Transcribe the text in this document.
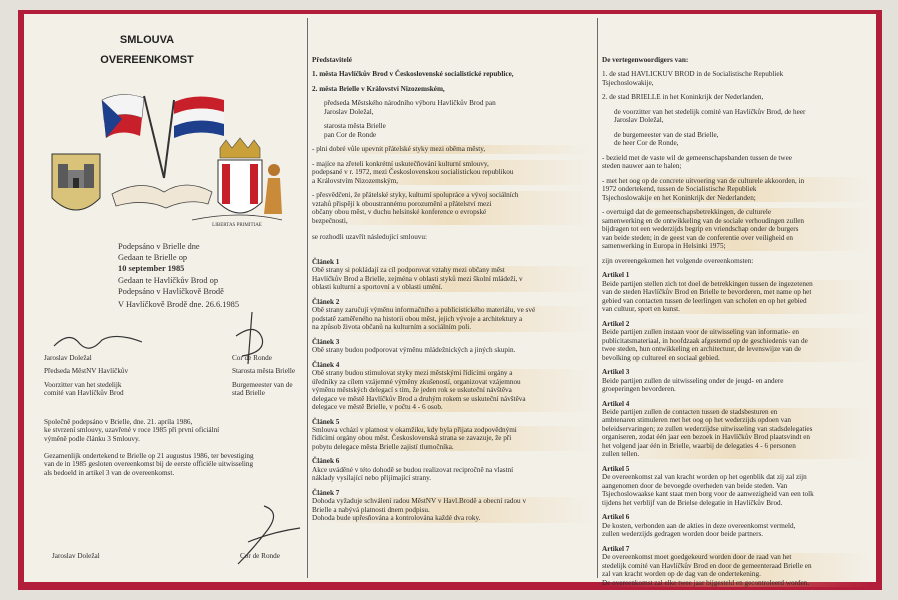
SMLOUVA
OVEREENKOMST
LIBERTAS PRIMITIAE
Podepsáno v Brielle dne
Gedaan te Brielle op
10 september 1985
Gedaan te Havlíčkův Brod op
Podepsáno v Havlíčkově Brodě
V Havlíčkově Brodě dne. 26.6.1985
Jaroslav Doležal
Předseda MěstNV Havlíčkův
Voorzitter van het stedelijk
comité van Havlíčkův Brod
Cor de Ronde
Starosta města Brielle
Burgemeester van de
stad Brielle
Společně podepsáno v Brielle, dne. 21. apríla 1986,
ke stvrzení smlouvy, uzavřené v roce 1985 při první oficiální
výměně podle článku 3 Smlouvy.
Gezamenlijk ondertekend te Brielle op 21 augustus 1986, ter bevestiging
van de in 1985 gesloten overeenkomst bij de eerste officiële uitwisseling
als bedoeld in artikel 3 van de overeenkomst.
Jaroslav Doležal	Cor de Ronde
Představitelé
1. města Havlíčkův Brod v Československé socialistické republice,
2. města Brielle v Království Nizozemském,
předseda Městského národního výboru Havlíčkův Brod pan
Jaroslav Doležal,
starosta města Brielle
pan Cor de Ronde
- plni dobré vůle upevnit přátelské styky mezi oběma městy,
- majíce na zřeteli konkrétní uskutečňování kulturní smlouvy,
podepsané v r. 1972, mezi Československou socialistickou republikou
a Královstvím Nizozemským,
- přesvědčeni, že přátelské styky, kulturní spolupráce a vývoj sociálních
vztahů přispějí k oboustrannému porozumění a přátelství mezi
občany obou měst, v duchu helsinské konference o evropské
bezpečnosti,
se rozhodli uzavřít následující smlouvu:
Článek 1
Obě strany si pokládají za cíl podporovat vztahy mezi občany měst
Havlíčkův Brod a Brielle, zejména v oblasti styků mezi školní mládeží, v
oblasti kulturní a sportovní a v oblasti umění.
Článek 2
Obě strany zaručují výměnu informačního a publicistického materiálu, ve své
podstatě zaměřeného na historii obou měst, jejich vývoje a architektury a
na způsob života občanů na kulturním a sociálním poli.
Článek 3
Obě strany budou podporovat výměnu mládežnických a jiných skupin.
Článek 4
Obě strany budou stimulovat styky mezi městskými řídícími orgány a
úředníky za cílem vzájemné výměny zkušeností, organizovat vzájemnou
výměnu městských delegací s tím, že jeden rok se uskuteční návštěva
delegace ve městě Havlíčkův Brod a druhým rokem se uskuteční návštěva
delegace ve městě Brielle, v počtu 4 - 6 osob.
Článek 5
Smlouva vchází v platnost v okamžiku, kdy byla přijata zodpovědnými
řídícími orgány obou měst. Československá strana se zavazuje, že při
pobytu delegace města Brielle zajistí tlumočníka.
Článek 6
Akce uváděné v této dohodě se budou realizovat recipročně na vlastní
náklady vysílající nebo přijímající strany.
Článek 7
Dohoda vyžaduje schválení radou MěstNV v Havl.Brodě a obecní radou v
Brielle a nabývá platnosti dnem podpisu.
Dohoda bude upřesňována a kontrolována každé dva roky.
De vertegenwoordigers van:
1. de stad HAVLICKUV BROD in de Socialistische Republiek
Tsjechoslowakije,
2. de stad BRIELLE in het Koninkrijk der Nederlanden,
de voorzitter van het stedelijk comité van Havlíčkův Brod, de heer
Jaroslav Doležal,
de burgemeester van de stad Brielle,
de heer Cor de Ronde,
- bezield met de vaste wil de gemeenschapsbanden tussen de twee
steden nauwer aan te halen;
- met het oog op de concrete uitvoering van de culturele akkoorden, in
1972 ondertekend, tussen de Socialistische Republiek
Tsjechoslowakije en het Koninkrijk der Nederlanden;
- overtuigd dat de gemeenschapsbetrekkingen, de culturele
samenwerking en de ontwikkeling van de sociale verhoudingen zullen
bijdragen tot een wederzijds begrip en vriendschap onder de burgers
van beide steden; in de geest van de conferentie over veiligheid en
samenwerking in Europa in Helsinki 1975;
zijn overeengekomen het volgende overeenkomsten:
Artikel 1
Beide partijen stellen zich tot doel de betrekkingen tussen de ingezetenen
van de steden Havlíčkův Brod en Brielle te bevorderen, met name op het
gebied van contacten tussen de leerlingen van scholen en op het gebied
van cultuur, sport en kunst.
Artikel 2
Beide partijen zullen instaan voor de uitwisseling van informatie- en
publicitatsmateriaal, in hoofdzaak afgestemd op de geschiedenis van de
twee steden, hun ontwikkeling en architectuur, de levenswijze van de
bevolking op cultureel en sociaal gebied.
Artikel 3
Beide partijen zullen de uitwisseling onder de jeugd- en andere
groeperingen bevorderen.
Artikel 4
Beide partijen zullen de contacten tussen de stadsbesturen en
ambtenaren stimuleren met het oog op het wederzijds opdoen van
beleidservaringen; ze zullen wederzijdse uitwisseling van stadsdelegaties
organiseren, zodat één jaar een bezoek in Havlíčkův Brod plaatsvindt en
het volgend jaar één in Brielle, waarbij de delegaties 4 - 6 personen
zullen tellen.
Artikel 5
De overeenkomst zal van kracht worden op het ogenblik dat zij zal zijn
aangenomen door de bevoegde overheden van beide steden. Van
Tsjechoslowaakse kant staat men borg voor de aanwezigheid van een tolk
tijdens het verblijf van de Brielse delegatie in Havlíčkův Brod.
Artikel 6
De kosten, verbonden aan de akties in deze overeenkomst vermeld,
zullen wederzijds gedragen worden door beide partners.
Artikel 7
De overeenkomst moet goedgekeurd worden door de raad van het
stedelijk comité van Havlíčkův Brod en door de gemeenteraad Brielle en
zal van kracht worden op de dag van de ondertekening.
De overeenkomst zal elke twee jaar bijgesteld en gecontroleerd worden.
